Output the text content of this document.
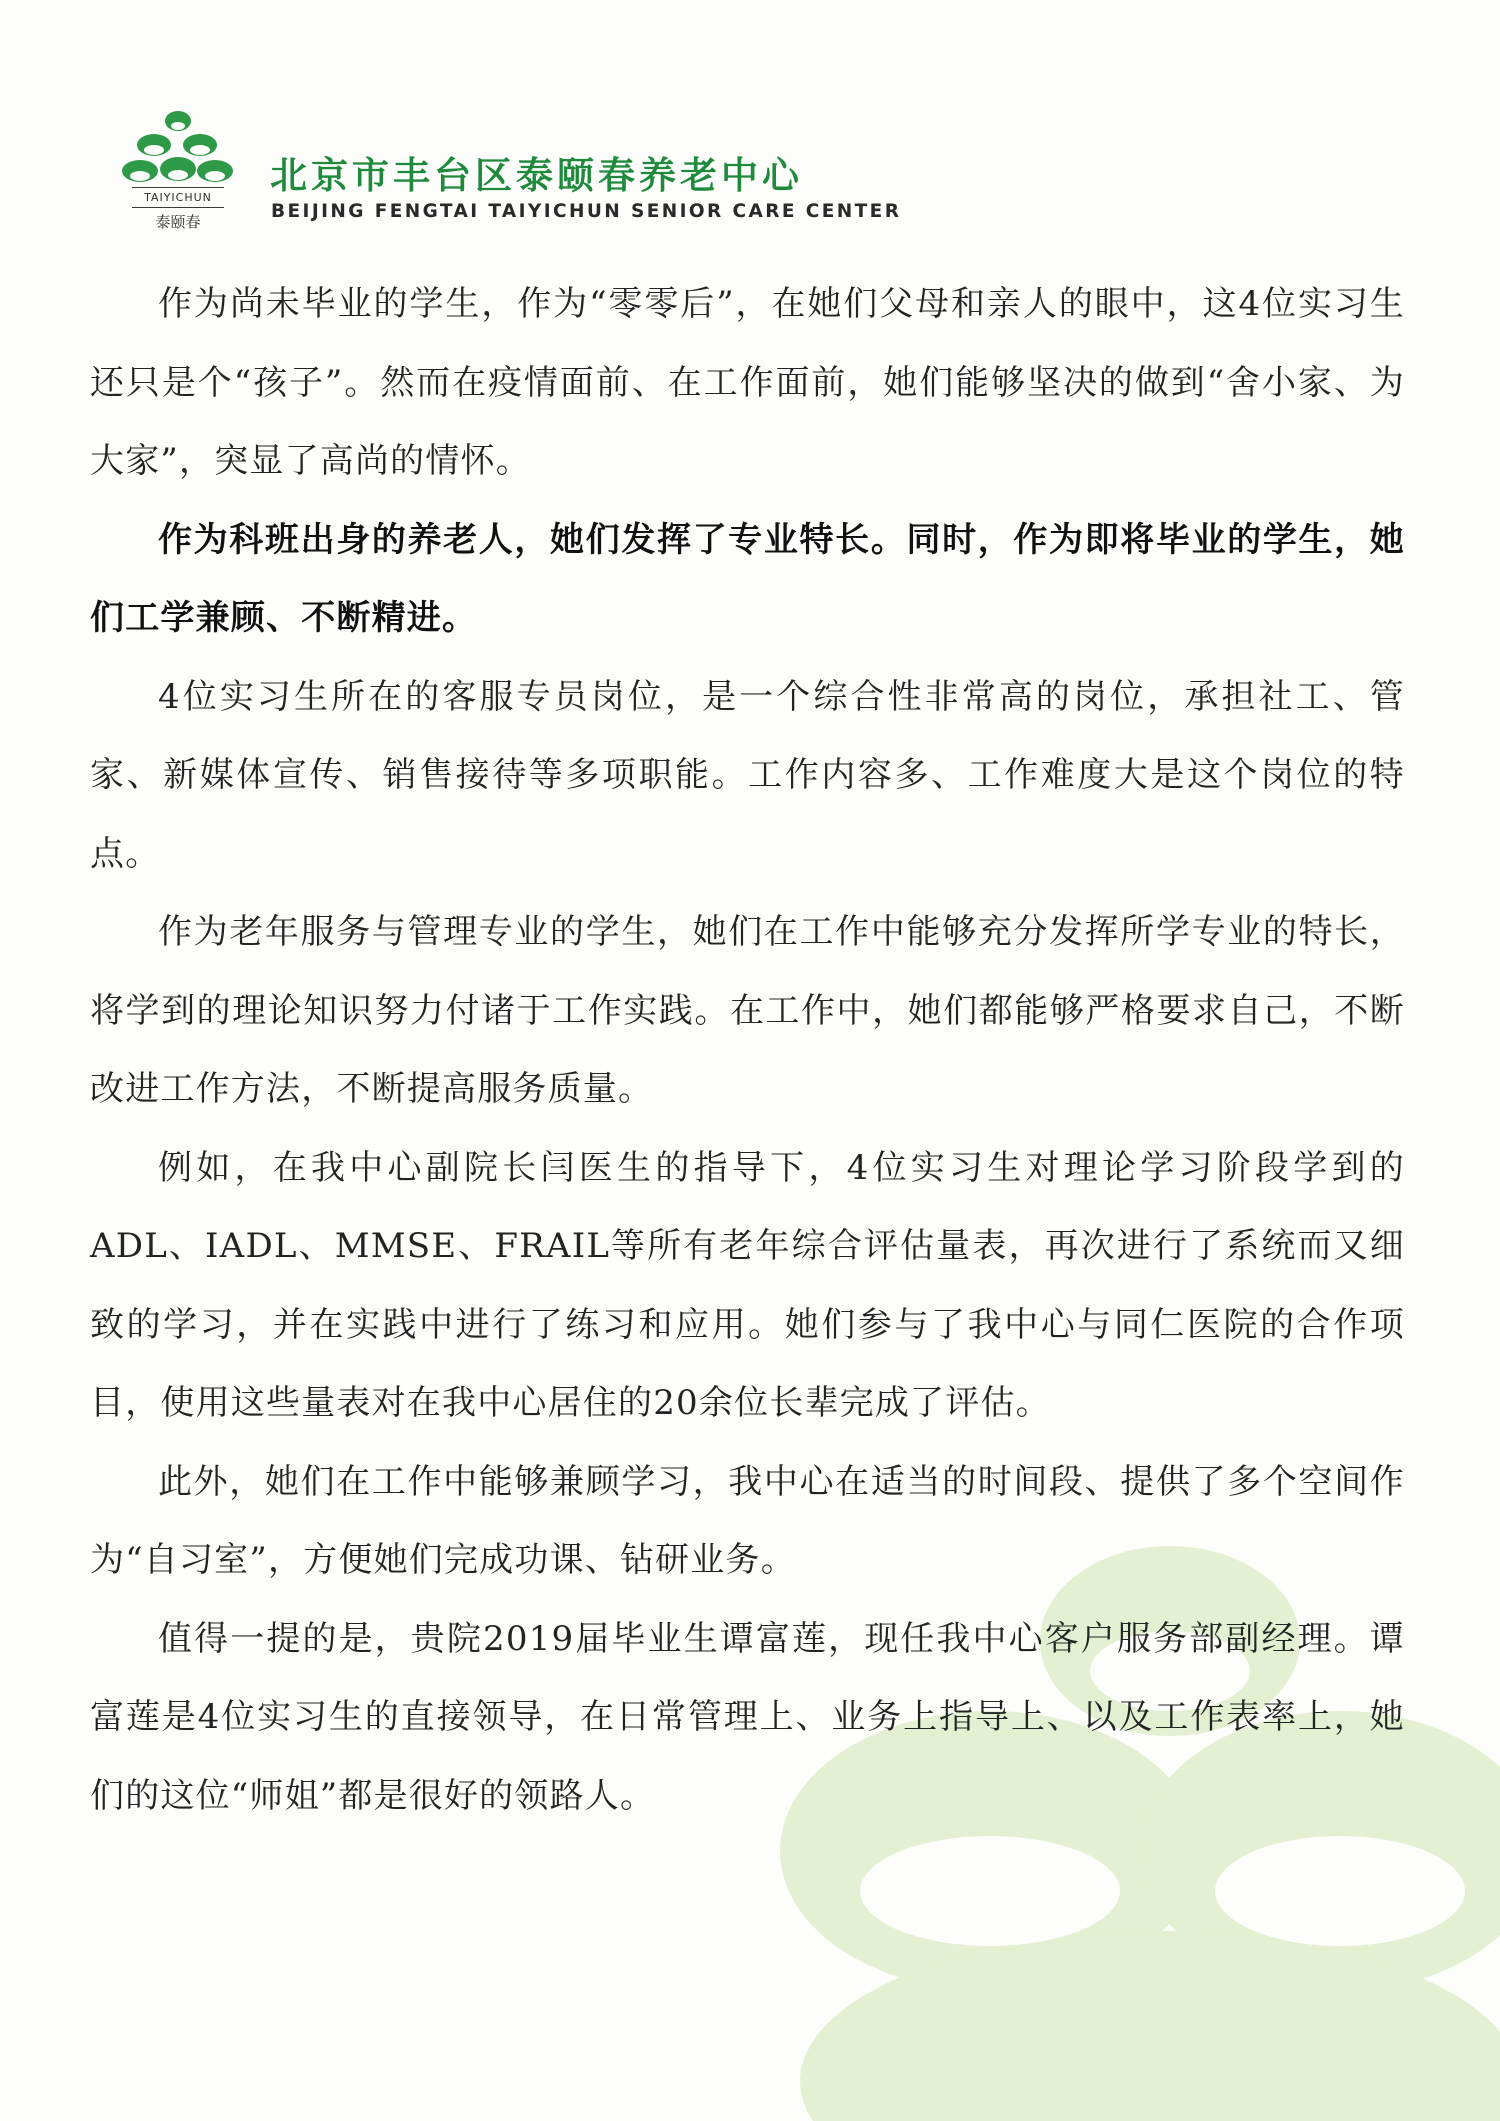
TAIYICHUN
泰颐春
北京市丰台区泰颐春养老中心
BEIJING FENGTAI TAIYICHUN SENIOR CARE CENTER

作为尚未毕业的学生，作为“零零后”，在她们父母和亲人的眼中，这4位实习生还只是个“孩子”。然而在疫情面前、在工作面前，她们能够坚决的做到“舍小家、为大家”，突显了高尚的情怀。

作为科班出身的养老人，她们发挥了专业特长。同时，作为即将毕业的学生，她们工学兼顾、不断精进。

4位实习生所在的客服专员岗位，是一个综合性非常高的岗位，承担社工、管家、新媒体宣传、销售接待等多项职能。工作内容多、工作难度大是这个岗位的特点。

作为老年服务与管理专业的学生，她们在工作中能够充分发挥所学专业的特长，将学到的理论知识努力付诸于工作实践。在工作中，她们都能够严格要求自己，不断改进工作方法，不断提高服务质量。

例如，在我中心副院长闫医生的指导下，4位实习生对理论学习阶段学到的ADL、IADL、MMSE、FRAIL等所有老年综合评估量表，再次进行了系统而又细致的学习，并在实践中进行了练习和应用。她们参与了我中心与同仁医院的合作项目，使用这些量表对在我中心居住的20余位长辈完成了评估。

此外，她们在工作中能够兼顾学习，我中心在适当的时间段、提供了多个空间作为“自习室”，方便她们完成功课、钻研业务。

值得一提的是，贵院2019届毕业生谭富莲，现任我中心客户服务部副经理。谭富莲是4位实习生的直接领导，在日常管理上、业务上指导上、以及工作表率上，她们的这位“师姐”都是很好的领路人。
